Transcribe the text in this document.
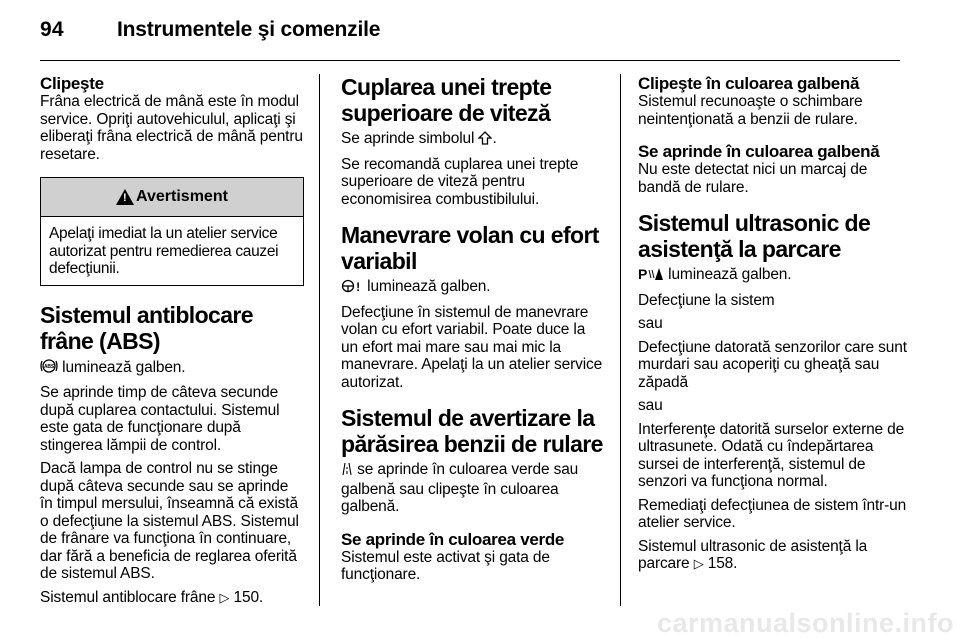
94	Instrumentele şi comenzile
Clipeşte

Frâna electrică de mână este în modul service. Opriţi autovehiculul, aplicaţi şi eliberaţi frâna electrică de mână pentru resetare.

!
Avertisment
Apelaţi imediat la un atelier service autorizat pentru remedierea cauzei defecţiunii.
Sistemul antiblocare frâne (ABS)

ABS luminează galben.

Se aprinde timp de câteva secunde după cuplarea contactului. Sistemul este gata de funcţionare după stingerea lămpii de control.

Dacă lampa de control nu se stinge după câteva secunde sau se aprinde în timpul mersului, înseamnă că există o defecţiune la sistemul ABS. Sistemul de frânare va funcţiona în continuare, dar fără a beneficia de reglarea oferită de sistemul ABS.

Sistemul antiblocare frâne ▷ 150.

Cuplarea unei trepte superioare de viteză

Se aprinde simbolul .

Se recomandă cuplarea unei trepte superioare de viteză pentru economisirea combustibilului.

Manevrare volan cu efort variabil

! luminează galben.

Defecţiune în sistemul de manevrare volan cu efort variabil. Poate duce la un efort mai mare sau mai mic la manevrare. Apelaţi la un atelier service autorizat.

Sistemul de avertizare la părăsirea benzii de rulare

se aprinde în culoarea verde sau galbenă sau clipeşte în culoarea galbenă.

Se aprinde în culoarea verde

Sistemul este activat şi gata de funcţionare.

Clipeşte în culoarea galbenă

Sistemul recunoaşte o schimbare neintenţionată a benzii de rulare.

Se aprinde în culoarea galbenă

Nu este detectat nici un marcaj de bandă de rulare.

Sistemul ultrasonic de asistenţă la parcare

P luminează galben.

Defecţiune la sistem

sau

Defecţiune datorată senzorilor care sunt murdari sau acoperiţi cu gheaţă sau zăpadă

sau

Interferenţe datorită surselor externe de ultrasunete. Odată cu îndepărtarea sursei de interferenţă, sistemul de senzori va funcţiona normal.

Remediaţi defecţiunea de sistem într-un atelier service.

Sistemul ultrasonic de asistenţă la parcare ▷ 158.

carmanualsonline.info
